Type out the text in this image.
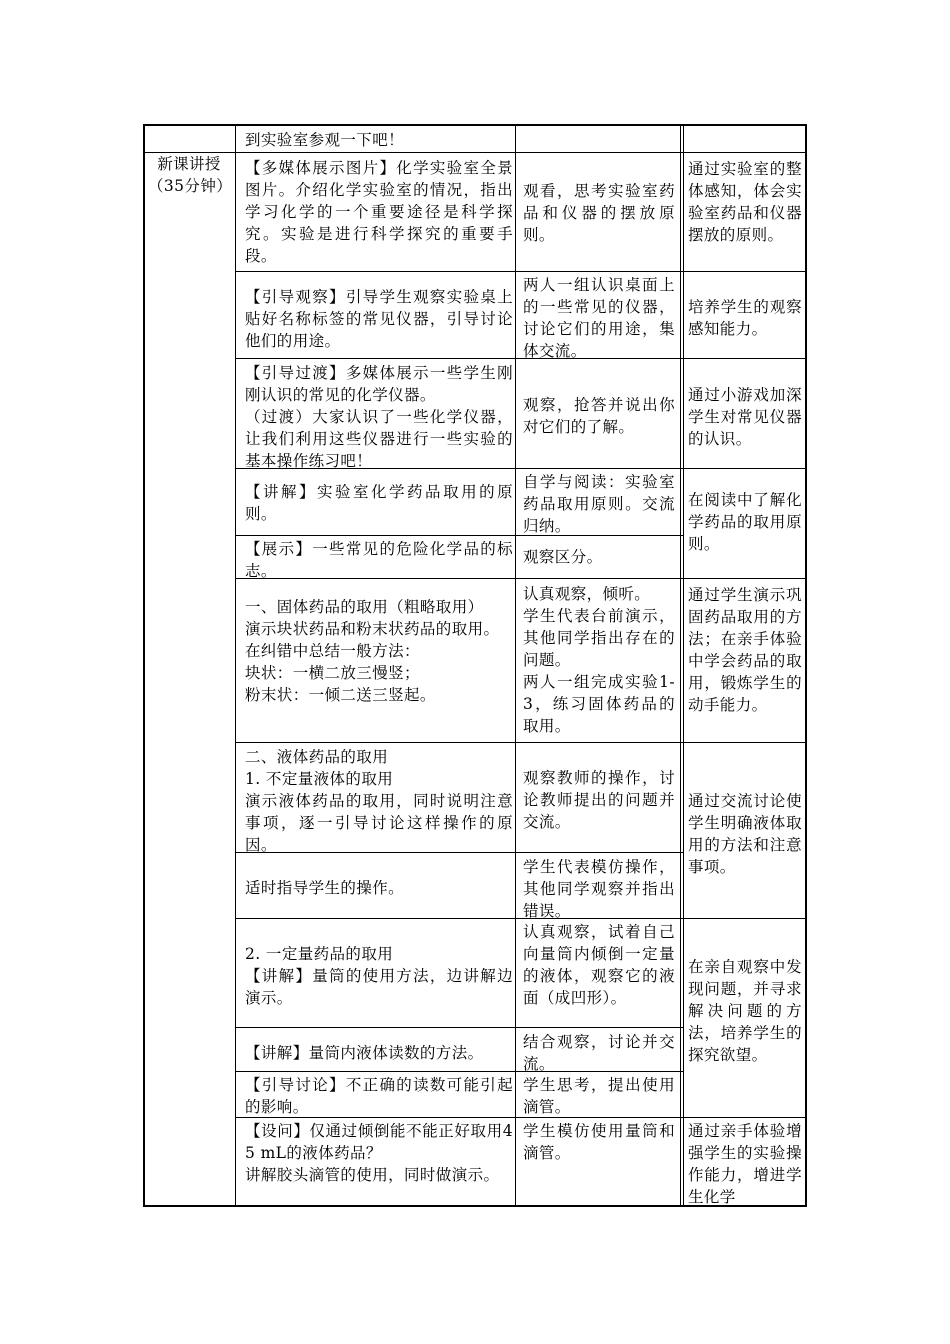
新课讲授
（35分钟）
到实验室参观一下吧！
【多媒体展示图片】化学实验室全景图片。介绍化学实验室的情况，指出学习化学的一个重要途径是科学探究。实验是进行科学探究的重要手段。
观看，思考实验室药品和仪器的摆放原则。
通过实验室的整体感知，体会实验室药品和仪器摆放的原则。
【引导观察】引导学生观察实验桌上贴好名称标签的常见仪器，引导讨论他们的用途。
两人一组认识桌面上的一些常见的仪器，讨论它们的用途，集体交流。
培养学生的观察感知能力。
【引导过渡】多媒体展示一些学生刚刚认识的常见的化学仪器。
（过渡）大家认识了一些化学仪器，让我们利用这些仪器进行一些实验的基本操作练习吧！
观察，抢答并说出你对它们的了解。
通过小游戏加深学生对常见仪器的认识。
【讲解】实验室化学药品取用的原则。
自学与阅读：实验室药品取用原则。交流归纳。
在阅读中了解化学药品的取用原则。
【展示】一些常见的危险化学品的标志。
观察区分。
一、固体药品的取用（粗略取用）
演示块状药品和粉末状药品的取用。
在纠错中总结一般方法：
块状：一横二放三慢竖；
粉末状：一倾二送三竖起。
认真观察，倾听。
学生代表台前演示，其他同学指出存在的问题。
两人一组完成实验1-3，练习固体药品的取用。
通过学生演示巩固药品取用的方法；在亲手体验中学会药品的取用，锻炼学生的动手能力。
二、液体药品的取用
1. 不定量液体的取用
演示液体药品的取用，同时说明注意事项，逐一引导讨论这样操作的原因。
观察教师的操作，讨论教师提出的问题并交流。
通过交流讨论使学生明确液体取用的方法和注意事项。
适时指导学生的操作。
学生代表模仿操作，其他同学观察并指出错误。
2. 一定量药品的取用
【讲解】量筒的使用方法，边讲解边演示。
认真观察，试着自己向量筒内倾倒一定量的液体，观察它的液面（成凹形）。
在亲自观察中发现问题，并寻求解决问题的方法，培养学生的探究欲望。
【讲解】量筒内液体读数的方法。
结合观察，讨论并交流。
【引导讨论】不正确的读数可能引起的影响。
学生思考，提出使用滴管。
【设问】仅通过倾倒能不能正好取用45 mL的液体药品？
讲解胶头滴管的使用，同时做演示。
学生模仿使用量筒和滴管。
通过亲手体验增强学生的实验操作能力，增进学生化学
